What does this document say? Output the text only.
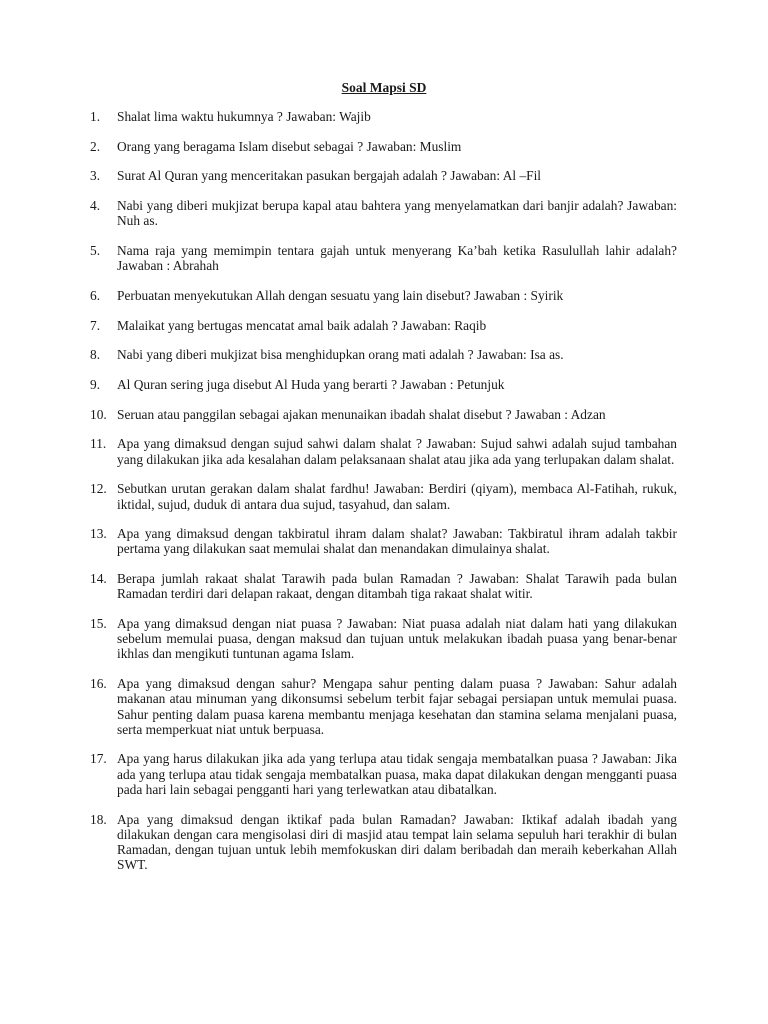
Soal Mapsi SD
1. Shalat lima waktu hukumnya ? Jawaban: Wajib
2. Orang yang beragama Islam disebut sebagai ? Jawaban: Muslim
3. Surat Al Quran yang menceritakan pasukan bergajah adalah ? Jawaban: Al –Fil
4. Nabi yang diberi mukjizat berupa kapal atau bahtera yang menyelamatkan dari banjir adalah? Jawaban: Nuh as.
5. Nama raja yang memimpin tentara gajah untuk menyerang Ka’bah ketika Rasulullah lahir adalah? Jawaban : Abrahah
6. Perbuatan menyekutukan Allah dengan sesuatu yang lain disebut? Jawaban : Syirik
7. Malaikat yang bertugas mencatat amal baik adalah ? Jawaban: Raqib
8. Nabi yang diberi mukjizat bisa menghidupkan orang mati adalah ? Jawaban: Isa as.
9. Al Quran sering juga disebut Al Huda yang berarti ? Jawaban : Petunjuk
10. Seruan atau panggilan sebagai ajakan menunaikan ibadah shalat disebut ? Jawaban : Adzan
11. Apa yang dimaksud dengan sujud sahwi dalam shalat ? Jawaban: Sujud sahwi adalah sujud tambahan yang dilakukan jika ada kesalahan dalam pelaksanaan shalat atau jika ada yang terlupakan dalam shalat.
12. Sebutkan urutan gerakan dalam shalat fardhu! Jawaban: Berdiri (qiyam), membaca Al-Fatihah, rukuk, iktidal, sujud, duduk di antara dua sujud, tasyahud, dan salam.
13. Apa yang dimaksud dengan takbiratul ihram dalam shalat? Jawaban: Takbiratul ihram adalah takbir pertama yang dilakukan saat memulai shalat dan menandakan dimulainya shalat.
14. Berapa jumlah rakaat shalat Tarawih pada bulan Ramadan ? Jawaban: Shalat Tarawih pada bulan Ramadan terdiri dari delapan rakaat, dengan ditambah tiga rakaat shalat witir.
15. Apa yang dimaksud dengan niat puasa ? Jawaban: Niat puasa adalah niat dalam hati yang dilakukan sebelum memulai puasa, dengan maksud dan tujuan untuk melakukan ibadah puasa yang benar-benar ikhlas dan mengikuti tuntunan agama Islam.
16. Apa yang dimaksud dengan sahur? Mengapa sahur penting dalam puasa ? Jawaban: Sahur adalah makanan atau minuman yang dikonsumsi sebelum terbit fajar sebagai persiapan untuk memulai puasa. Sahur penting dalam puasa karena membantu menjaga kesehatan dan stamina selama menjalani puasa, serta memperkuat niat untuk berpuasa.
17. Apa yang harus dilakukan jika ada yang terlupa atau tidak sengaja membatalkan puasa ? Jawaban: Jika ada yang terlupa atau tidak sengaja membatalkan puasa, maka dapat dilakukan dengan mengganti puasa pada hari lain sebagai pengganti hari yang terlewatkan atau dibatalkan.
18. Apa yang dimaksud dengan iktikaf pada bulan Ramadan? Jawaban: Iktikaf adalah ibadah yang dilakukan dengan cara mengisolasi diri di masjid atau tempat lain selama sepuluh hari terakhir di bulan Ramadan, dengan tujuan untuk lebih memfokuskan diri dalam beribadah dan meraih keberkahan Allah SWT.
